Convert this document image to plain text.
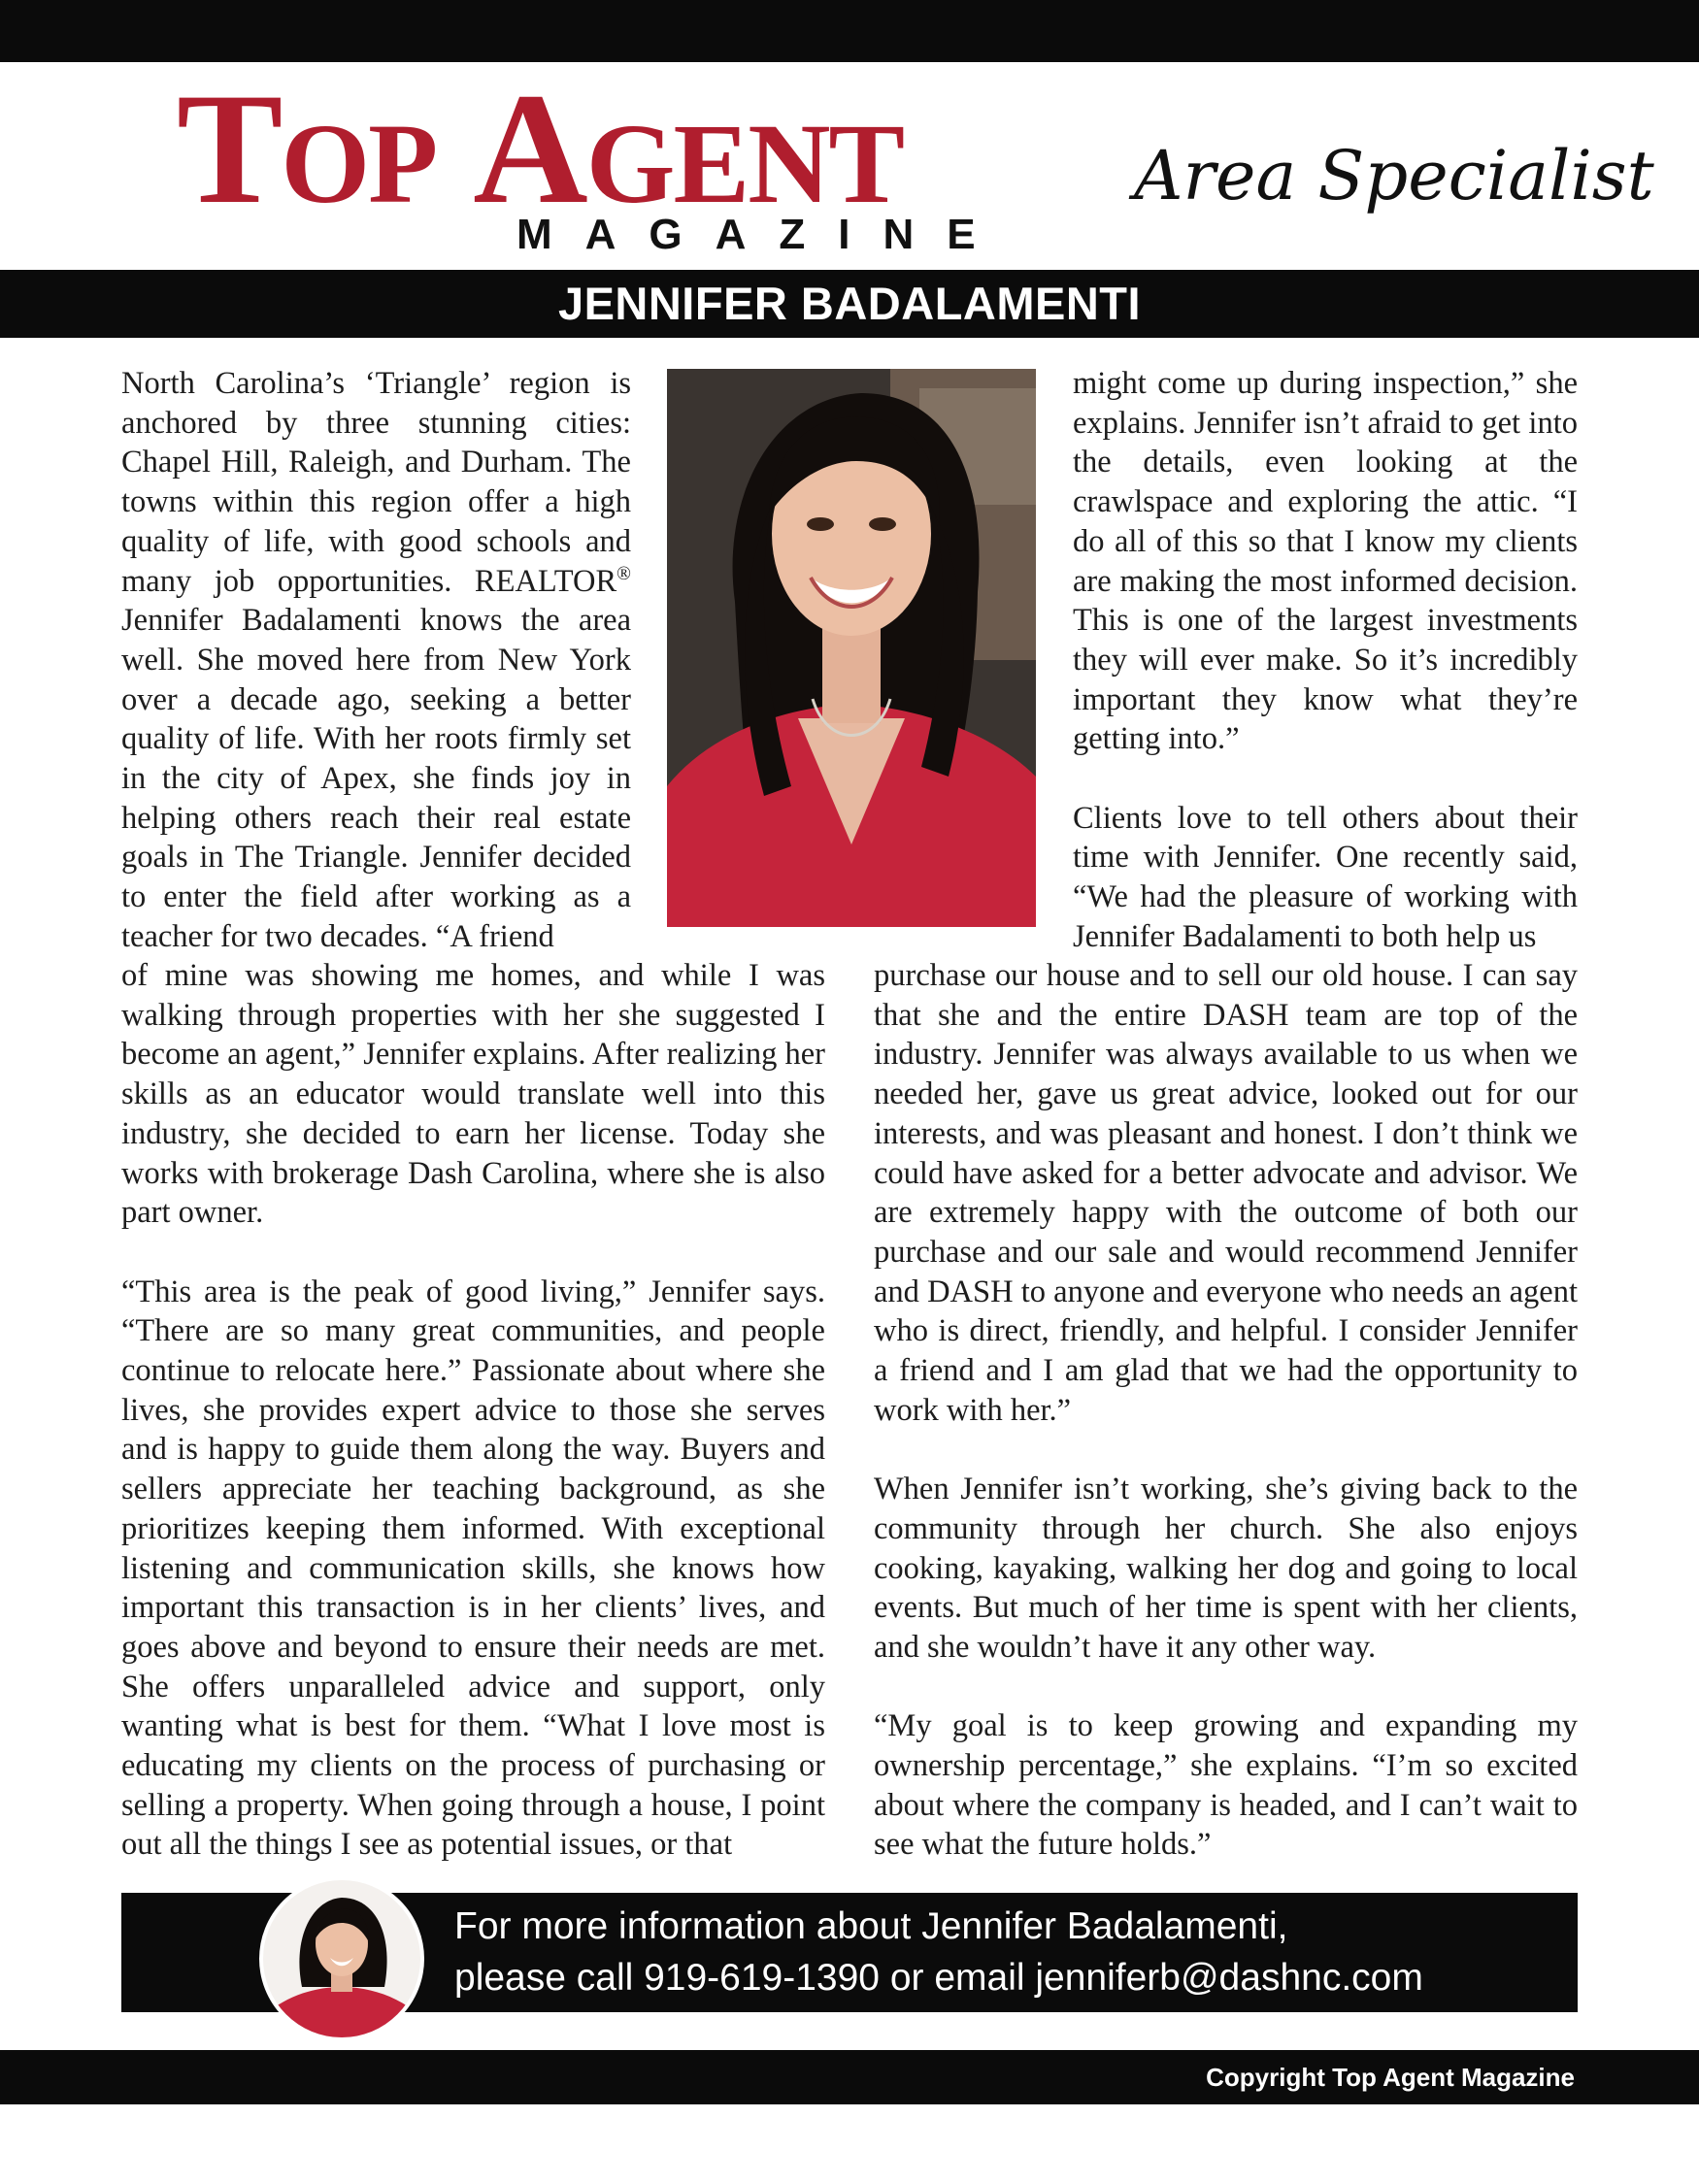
TOP AGENT
MAGAZINE
Area Specialist
JENNIFER BADALAMENTI

North Carolina’s ‘Triangle’ region is anchored by three stunning cities: Chapel Hill, Raleigh, and Durham. The towns within this region offer a high quality of life, with good schools and many job opportunities. REALTOR® Jennifer Badalamenti knows the area well. She moved here from New York over a decade ago, seeking a better quality of life. With her roots firmly set in the city of Apex, she finds joy in helping others reach their real estate goals in The Triangle. Jennifer decided to enter the field after working as a teacher for two decades. “A friend

might come up during inspection,” she explains. Jennifer isn’t afraid to get into the details, even looking at the crawlspace and exploring the attic. “I do all of this so that I know my clients are making the most informed decision. This is one of the largest investments they will ever make. So it’s incredibly important they know what they’re getting into.”

Clients love to tell others about their time with Jennifer. One recently said, “We had the pleasure of working with Jennifer Badalamenti to both help us

of mine was showing me homes, and while I was walking through properties with her she suggested I become an agent,” Jennifer explains. After realizing her skills as an educator would translate well into this industry, she decided to earn her license. Today she works with brokerage Dash Carolina, where she is also part owner.

“This area is the peak of good living,” Jennifer says. “There are so many great communities, and people continue to relocate here.” Passionate about where she lives, she provides expert advice to those she serves and is happy to guide them along the way. Buyers and sellers appreciate her teaching background, as she prioritizes keeping them informed. With exceptional listening and communication skills, she knows how important this transaction is in her clients’ lives, and goes above and beyond to ensure their needs are met. She offers unparalleled advice and support, only wanting what is best for them. “What I love most is educating my clients on the process of purchasing or selling a property. When going through a house, I point out all the things I see as potential issues, or that

purchase our house and to sell our old house. I can say that she and the entire DASH team are top of the industry. Jennifer was always available to us when we needed her, gave us great advice, looked out for our interests, and was pleasant and honest. I don’t think we could have asked for a better advocate and advisor. We are extremely happy with the outcome of both our purchase and our sale and would recommend Jennifer and DASH to anyone and everyone who needs an agent who is direct, friendly, and helpful. I consider Jennifer a friend and I am glad that we had the opportunity to work with her.”

When Jennifer isn’t working, she’s giving back to the community through her church. She also enjoys cooking, kayaking, walking her dog and going to local events. But much of her time is spent with her clients, and she wouldn’t have it any other way.

“My goal is to keep growing and expanding my ownership percentage,” she explains. “I’m so excited about where the company is headed, and I can’t wait to see what the future holds.”

For more information about Jennifer Badalamenti,
please call 919-619-1390 or email jenniferb@dashnc.com
Copyright Top Agent Magazine
